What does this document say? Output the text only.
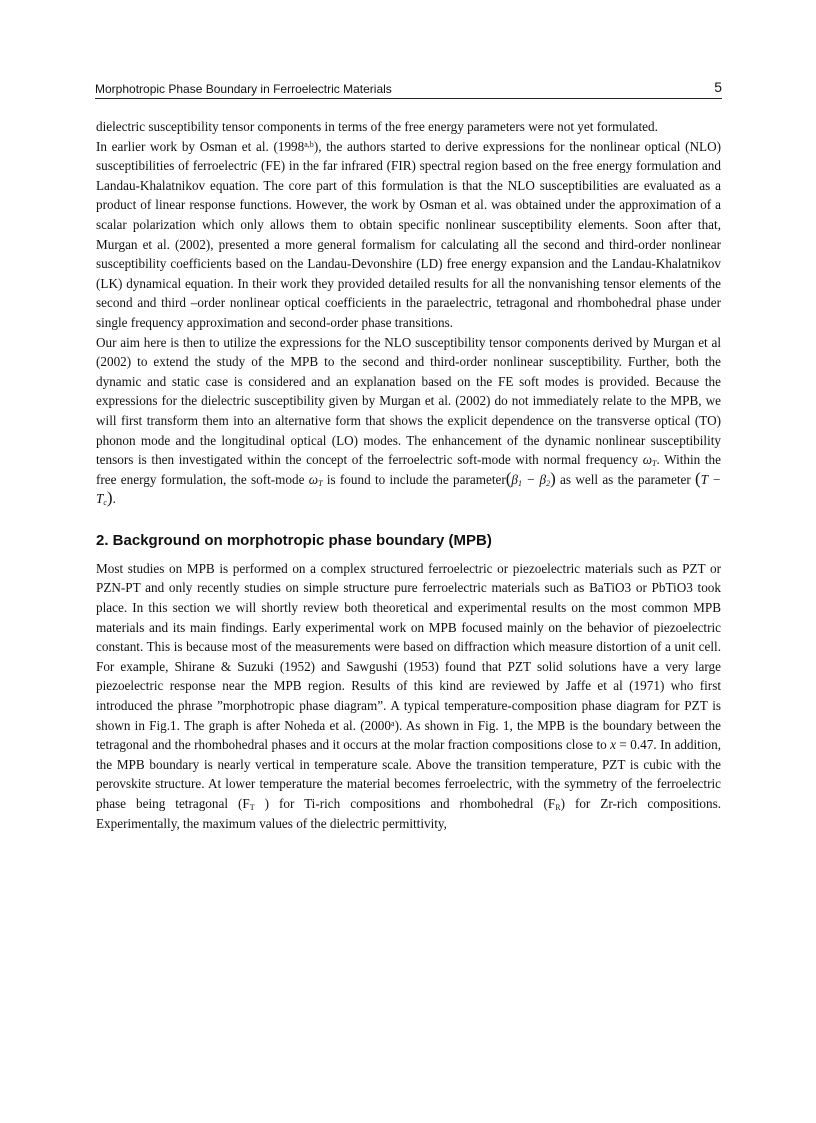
Morphotropic Phase Boundary in Ferroelectric Materials	5

dielectric susceptibility tensor components in terms of the free energy parameters were not yet formulated.

In earlier work by Osman et al. (1998$^{a,b}$), the authors started to derive expressions for the nonlinear optical (NLO) susceptibilities of ferroelectric (FE) in the far infrared (FIR) spectral region based on the free energy formulation and Landau-Khalatnikov equation. The core part of this formulation is that the NLO susceptibilities are evaluated as a product of linear response functions. However, the work by Osman et al. was obtained under the approximation of a scalar polarization which only allows them to obtain specific nonlinear susceptibility elements. Soon after that, Murgan et al. (2002), presented a more general formalism for calculating all the second and third-order nonlinear susceptibility coefficients based on the Landau-Devonshire (LD) free energy expansion and the Landau-Khalatnikov (LK) dynamical equation. In their work they provided detailed results for all the nonvanishing tensor elements of the second and third –order nonlinear optical coefficients in the paraelectric, tetragonal and rhombohedral phase under single frequency approximation and second-order phase transitions.

Our aim here is then to utilize the expressions for the NLO susceptibility tensor components derived by Murgan et al (2002) to extend the study of the MPB to the second and third-order nonlinear susceptibility. Further, both the dynamic and static case is considered and an explanation based on the FE soft modes is provided. Because the expressions for the dielectric susceptibility given by Murgan et al. (2002) do not immediately relate to the MPB, we will first transform them into an alternative form that shows the explicit dependence on the transverse optical (TO) phonon mode and the longitudinal optical (LO) modes. The enhancement of the dynamic nonlinear susceptibility tensors is then investigated within the concept of the ferroelectric soft-mode with normal frequency $\omega_T$. Within the free energy formulation, the soft-mode $\omega_T$ is found to include the $parameter(\beta_1 - \beta_2)$ as well as the parameter $(T - T_c)$.

2. Background on morphotropic phase boundary (MPB)

Most studies on MPB is performed on a complex structured ferroelectric or piezoelectric materials such as PZT or PZN-PT and only recently studies on simple structure pure ferroelectric materials such as BaTiO3 or PbTiO3 took place. In this section we will shortly review both theoretical and experimental results on the most common MPB materials and its main findings. Early experimental work on MPB focused mainly on the behavior of piezoelectric constant. This is because most of the measurements were based on diffraction which measure distortion of a unit cell. For example, Shirane & Suzuki (1952) and Sawgushi (1953) found that PZT solid solutions have a very large piezoelectric response near the MPB region. Results of this kind are reviewed by Jaffe et al (1971) who first introduced the phrase ”morphotropic phase diagram”. A typical temperature-composition phase diagram for PZT is shown in Fig.1. The graph is after Noheda et al. (2000$^a$). As shown in Fig. 1, the MPB is the boundary between the tetragonal and the rhombohedral phases and it occurs at the molar fraction compositions close to x = 0.47. In addition, the MPB boundary is nearly vertical in temperature scale. Above the transition temperature, PZT is cubic with the perovskite structure. At lower temperature the material becomes ferroelectric, with the symmetry of the ferroelectric phase being tetragonal ($F_T$ ) for Ti-rich compositions and rhombohedral $(F_R)$ for Zr-rich compositions. Experimentally, the maximum values of the dielectric permittivity,
